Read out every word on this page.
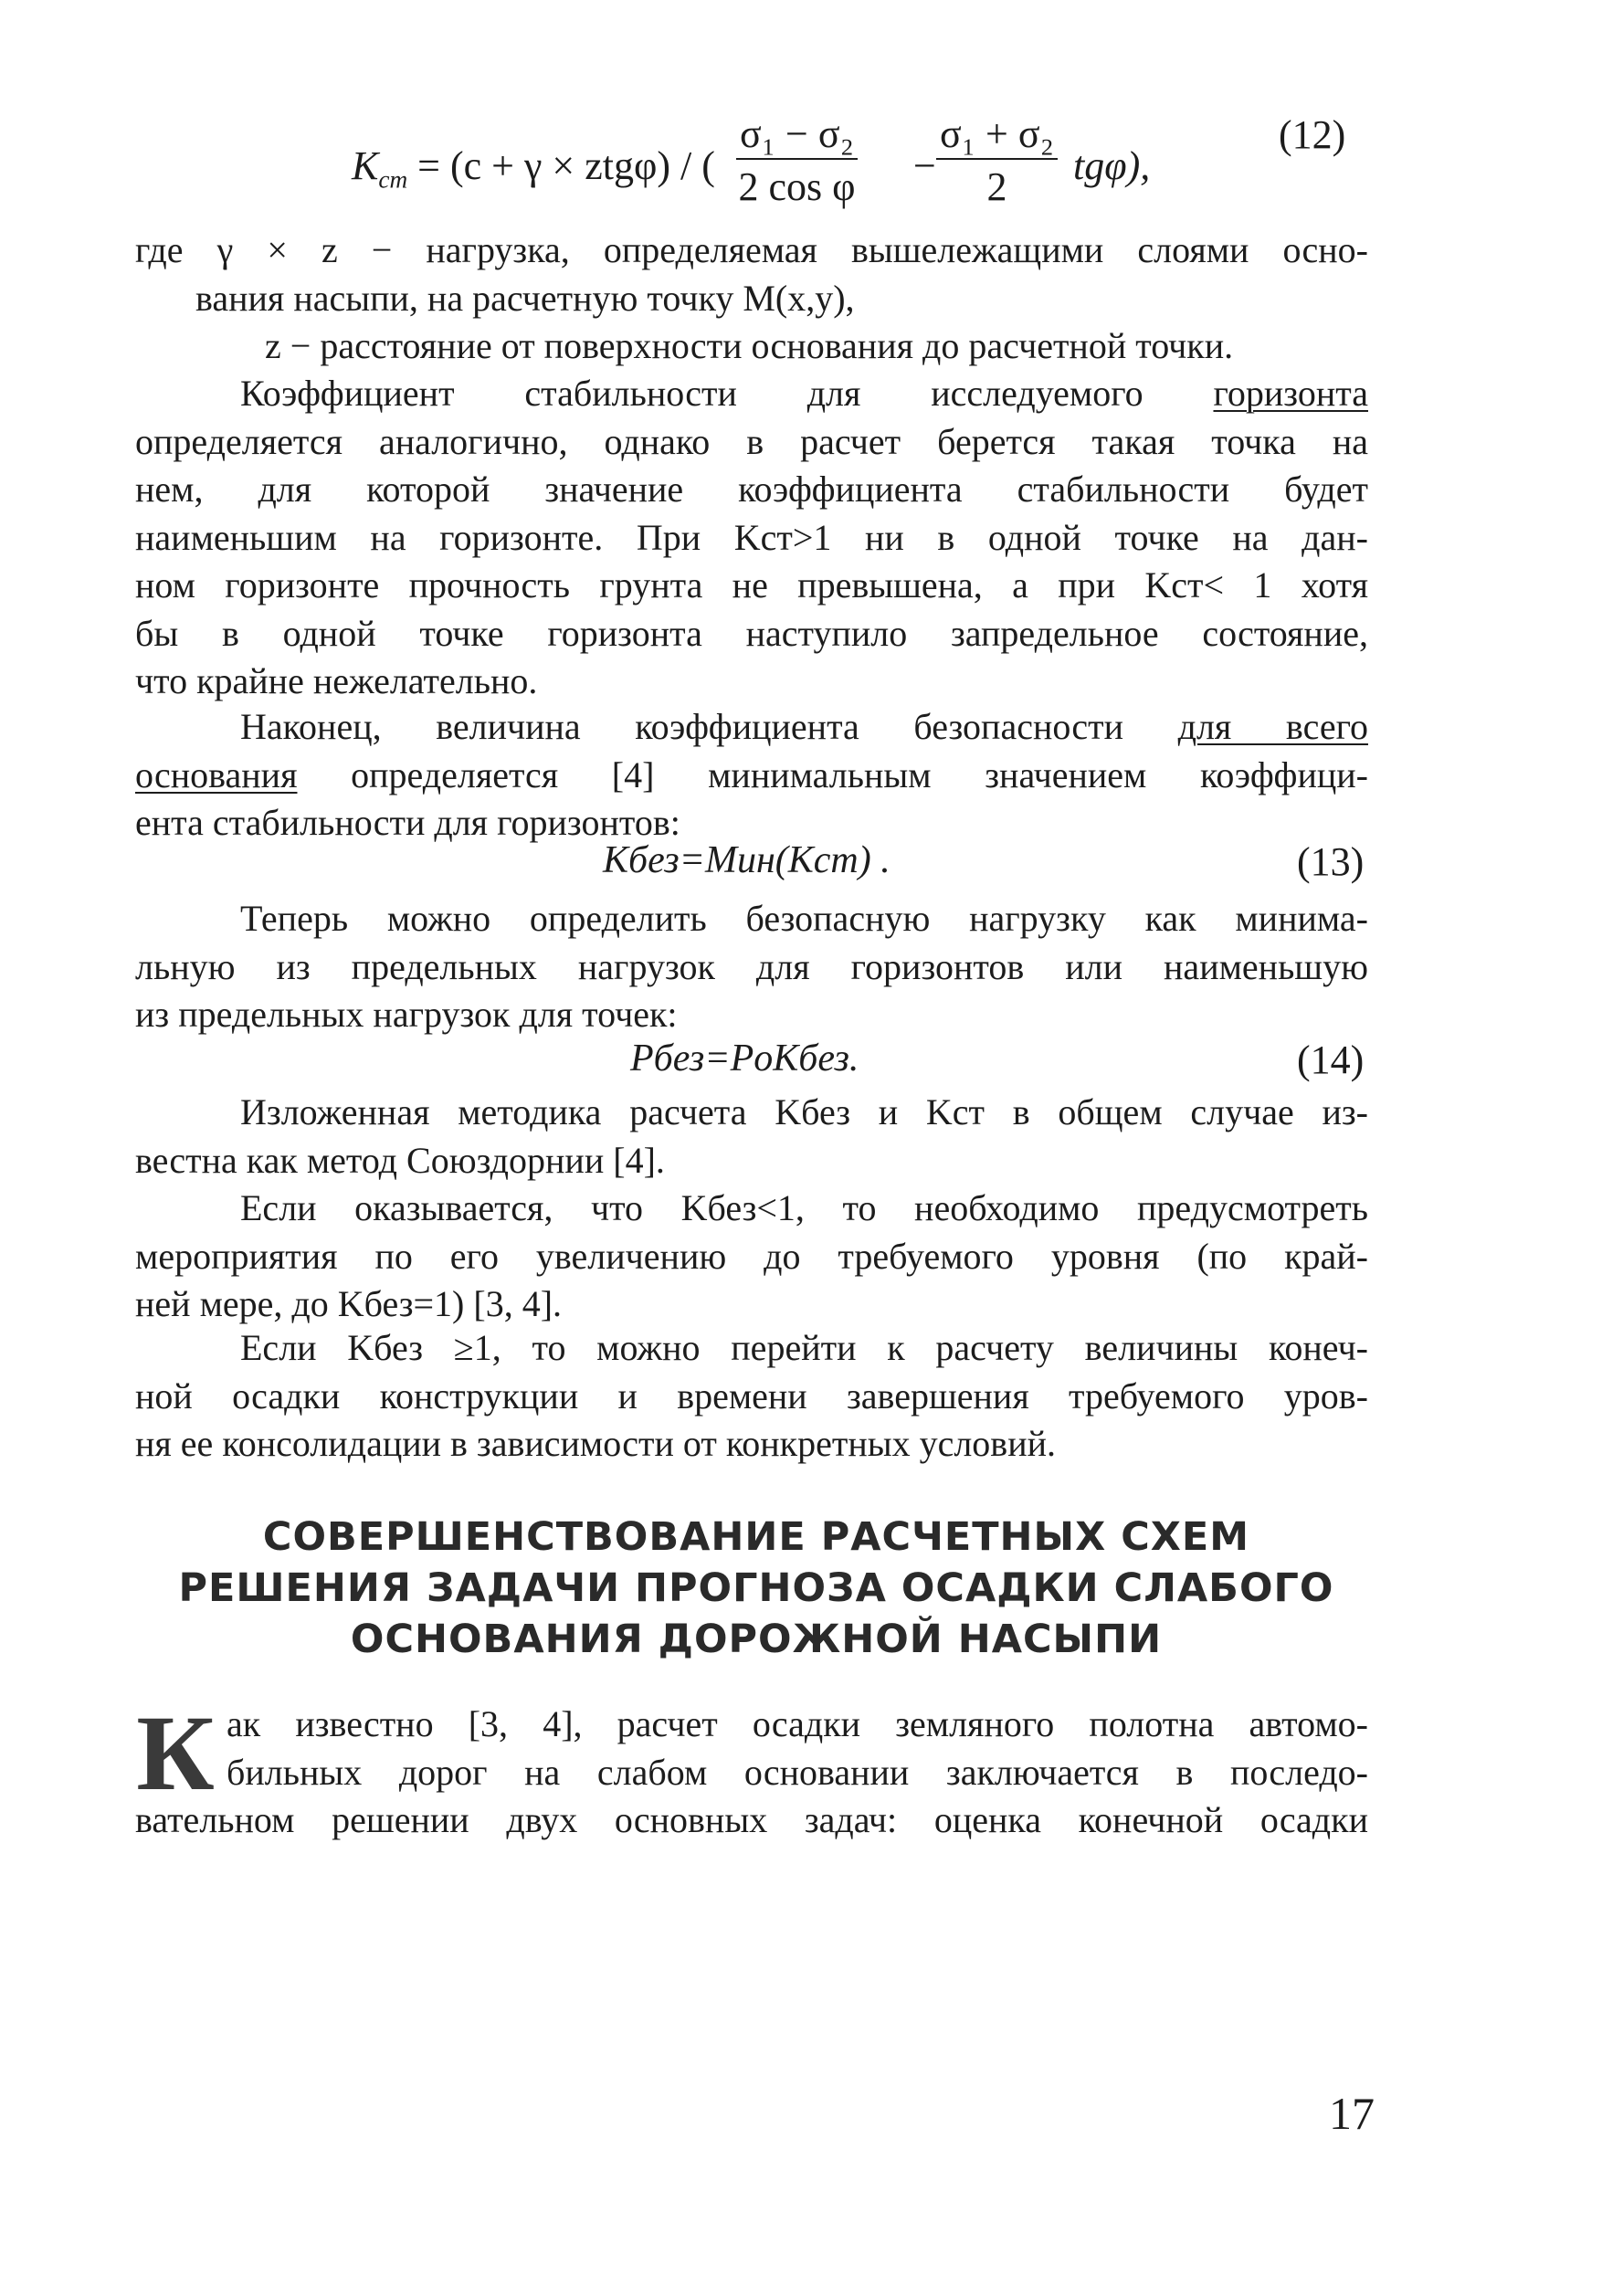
$K_{cm} = (c + \gamma \times ztg\varphi)$ / ( $\frac{\text{σ₁ − σ₂}}{\text{2 cos φ}} - \frac{\text{σ₁ + σ₂}}{2} tg\varphi$),
(12)
где γ × z − нагрузка, определяемая вышележащими слоями осно-
вания насыпи, на расчетную точку M(x,y),
z − расстояние от поверхности основания до расчетной точки.
Коэффициент стабильности для исследуемого горизонта
определяется аналогично, однако в расчет берется такая точка на
нем, для которой значение коэффициента стабильности будет
наименьшим на горизонте. При Kст>1 ни в одной точке на дан-
ном горизонте прочность грунта не превышена, а при Kст< 1 хотя
бы в одной точке горизонта наступило запредельное состояние,
что крайне нежелательно.
Наконец, величина коэффициента безопасности для всего
основания определяется [4] минимальным значением коэффици-
ента стабильности для горизонтов:
Kбез=Мин(Kст) .	(13)
Теперь можно определить безопасную нагрузку как минима-
льную из предельных нагрузок для горизонтов или наименьшую
из предельных нагрузок для точек:
Pбез=PoKбез.	(14)
Изложенная методика расчета Kбез и Kст в общем случае из-
вестна как метод Союздорнии [4].
Если оказывается, что Kбез<1, то необходимо предусмотреть
мероприятия по его увеличению до требуемого уровня (по край-
ней мере, до Kбез=1) [3, 4].
Если Kбез ≥1, то можно перейти к расчету величины конеч-
ной осадки конструкции и времени завершения требуемого уров-
ня ее консолидации в зависимости от конкретных условий.
СОВЕРШЕНСТВОВАНИЕ РАСЧЕТНЫХ СХЕМ
РЕШЕНИЯ ЗАДАЧИ ПРОГНОЗА ОСАДКИ СЛАБОГО
ОСНОВАНИЯ ДОРОЖНОЙ НАСЫПИ
К ак известно [3, 4], расчет осадки земляного полотна автомо-
бильных дорог на слабом основании заключается в последо-
вательном решении двух основных задач: оценка конечной осадки
17
